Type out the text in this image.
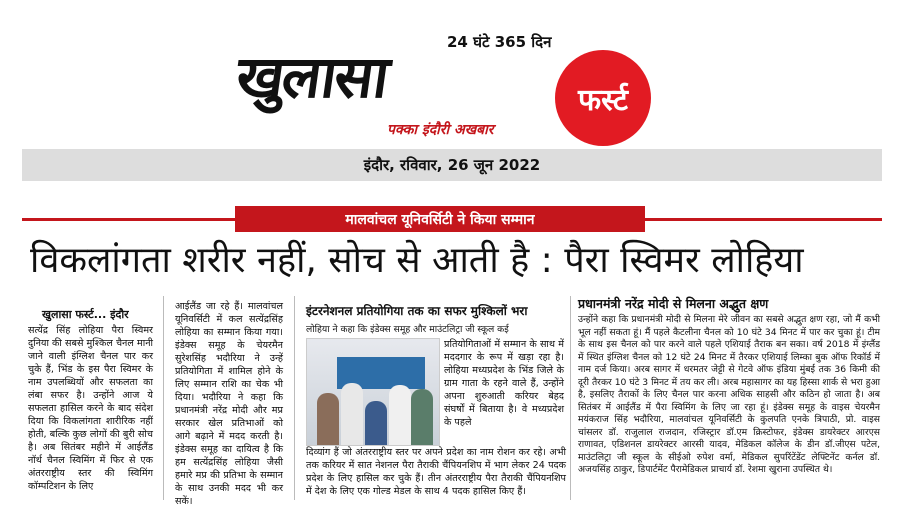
24 घंटे 365 दिन
खुलासा	फर्स्ट
पक्का इंदौरी अखबार
इंदौर, रविवार, 26 जून 2022
मालवांचल यूनिवर्सिटी ने किया सम्मान
विकलांगता शरीर नहीं, सोच से आती है : पैरा स्विमर लोहिया
खुलासा फर्स्ट... इंदौर
सत्येंद्र सिंह लोहिया पैरा स्विमर दुनिया की सबसे मुश्किल चैनल मानी जाने वाली इंग्लिश चैनल पार कर चुके हैं, भिंड के इस पैरा स्विमर के नाम उपलब्धियों और सफलता का लंबा सफर है। उन्होंने आज ये सफलता हासिल करने के बाद संदेश दिया कि विकलांगता शारीरिक नहीं होती, बल्कि कुछ लोगों की बुरी सोच है। अब सितंबर महीने में आईलैंड नॉर्थ चैनल स्विमिंग में फिर से एक अंतरराष्ट्रीय स्तर की स्विमिंग कॉम्पटिशन के लिए
आईलैंड जा रहे हैं। मालवांचल यूनिवर्सिटी में कल सत्येंद्रसिंह लोहिया का सम्मान किया गया। इंडेक्स समूह के चेयरमैन सुरेशसिंह भदौरिया ने उन्हें प्रतियोगिता में शामिल होने के लिए सम्मान राशि का चेक भी दिया। भदौरिया ने कहा कि प्रधानमंत्री नरेंद्र मोदी और मप्र सरकार खेल प्रतिभाओं को आगे बढ़ाने में मदद करती है। इंडेक्स समूह का दायित्व है कि हम सत्येंद्रसिंह लोहिया जैसी हमारे मप्र की प्रतिभा के सम्मान के साथ उनकी मदद भी कर सकें।
इंटरनेशनल प्रतियोगिया तक का सफर मुश्किलों भरा
लोहिया ने कहा कि इंडेक्स समूह और माउंटलिट्रा जी स्कूल कई
प्रतियोगिताओं में सम्मान के साथ में मददगार के रूप में खड़ा रहा है। लोहिया मध्यप्रदेश के भिंड जिले के ग्राम गाता के रहने वाले हैं, उन्होंने अपना शुरुआती करियर बेहद संघर्षों में बिताया है। वे मध्यप्रदेश के पहले
दिव्यांग हैं जो अंतरराष्ट्रीय स्तर पर अपने प्रदेश का नाम रोशन कर रहे। अभी तक करियर में सात नेशनल पैरा तैराकी चैंपियनशिप में भाग लेकर 24 पदक प्रदेश के लिए हासिल कर चुके हैं। तीन अंतरराष्ट्रीय पैरा तैराकी चैंपियनशिप में देश के लिए एक गोल्ड मेडल के साथ 4 पदक हासिल किए हैं।
प्रधानमंत्री नरेंद्र मोदी से मिलना अद्भुत क्षण
उन्होंने कहा कि प्रधानमंत्री मोदी से मिलना मेरे जीवन का सबसे अद्भुत क्षण रहा, जो मैं कभी भूल नहीं सकता हूं। मैं पहले कैटलीना चैनल को 10 घंटे 34 मिनट में पार कर चुका हूं। टीम के साथ इस चैनल को पार करने वाले पहले एशियाई तैराक बन सका। वर्ष 2018 में इंग्लैंड में स्थित इंग्लिश चैनल को 12 घंटे 24 मिनट में तैरकर एशियाई लिम्का बुक ऑफ रिकॉर्ड में नाम दर्ज किया। अरब सागर में धरमतर जेट्टी से गेटवे ऑफ इंडिया मुंबई तक 36 किमी की दूरी तैरकर 10 घंटे 3 मिनट में तय कर ली। अरब महासागर का यह हिस्सा शार्क से भरा हुआ है, इसलिए तैराकों के लिए चैनल पार करना अधिक साहसी और कठिन हो जाता है। अब सितंबर में आईलैंड में पैरा स्विमिंग के लिए जा रहा हूं। इंडेक्स समूह के वाइस चेयरमैन मयंकराज सिंह भदौरिया, मालवांचल यूनिवर्सिटी के कुलपति एनके त्रिपाठी, प्रो. वाइस चांसलर डॉ. राजुलाल राजदान, रजिस्ट्रार डॉ.एम क्रिस्टोफर, इंडेक्स डायरेक्टर आरएस राणावत, एडिशनल डायरेक्टर आरसी यादव, मेडिकल कॉलेज के डीन डॉ.जीएस पटेल, माउंटलिट्रा जी स्कूल के सीईओ रुपेश वर्मा, मेडिकल सुपरिंटेंडेंट लेफ्टिनेंट कर्नल डॉ. अजयसिंह ठाकुर, डिपार्टमेंट पैरामेडिकल प्राचार्य डॉ. रेशमा खुराना उपस्थित थे।
